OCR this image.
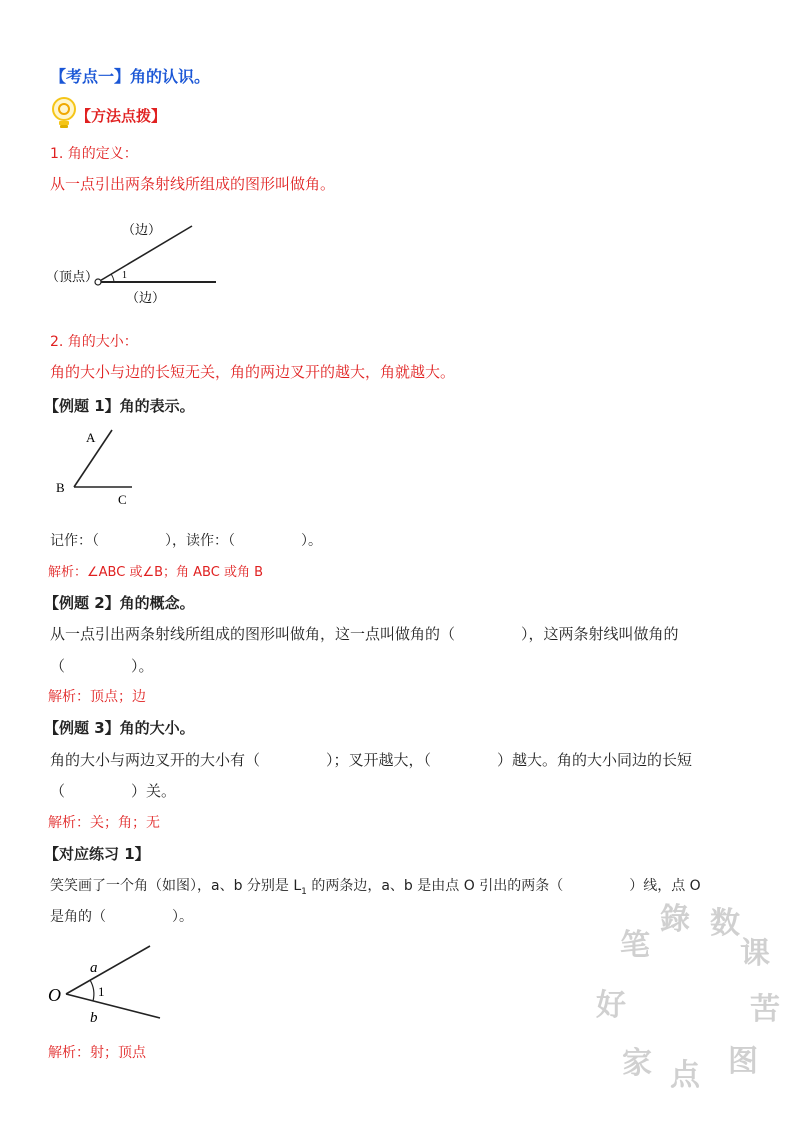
【考点一】角的认识。
【方法点拨】
1. 角的定义：
从一点引出两条射线所组成的图形叫做角。
（边）
（顶点） 1
（边）
2. 角的大小：
角的大小与边的长短无关，角的两边叉开的越大，角就越大。
【例题 1】角的表示。
A
B
C
记作：（	），读作：（	）。
解析：∠ABC 或∠B；角 ABC 或角 B
【例题 2】角的概念。
从一点引出两条射线所组成的图形叫做角，这一点叫做角的（	），这两条射线叫做角的
（	）。
解析：顶点；边
【例题 3】角的大小。
角的大小与两边叉开的大小有（	）；叉开越大，（	）越大。角的大小同边的长短
（	）关。
解析：关；角；无
【对应练习 1】
笑笑画了一个角（如图），a、b 分别是 $L_1$ 的两条边，a、b 是由点 O 引出的两条（	）线，点 O
是角的（	）。
O
a
b
1
解析：射；顶点
錄 数
笔	课
好	苦
家 点 图
